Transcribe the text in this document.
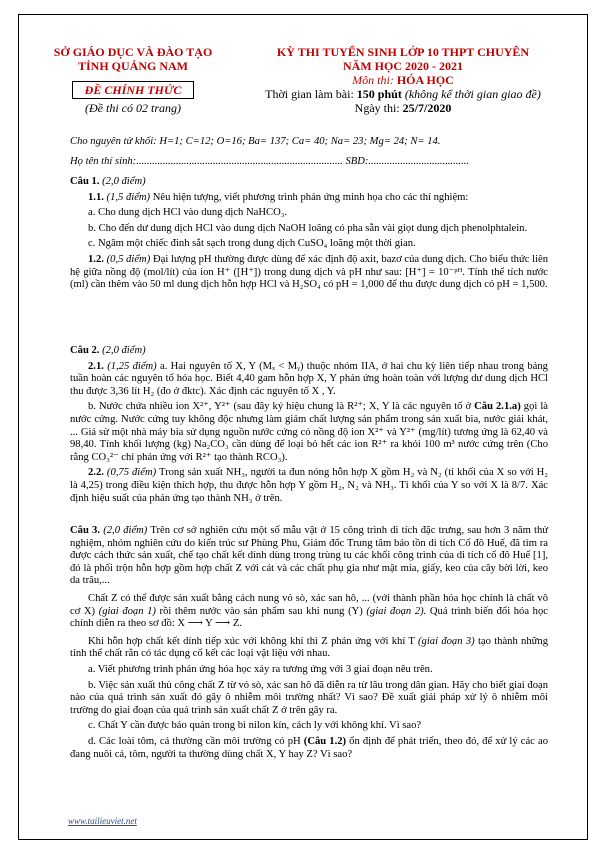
SỞ GIÁO DỤC VÀ ĐÀO TẠO
TỈNH QUẢNG NAM
ĐỀ CHÍNH THỨC
(Đề thi có 02 trang)
KỲ THI TUYỂN SINH LỚP 10 THPT CHUYÊN
NĂM HỌC 2020 - 2021
Môn thi: HÓA HỌC
Thời gian làm bài: 150 phút (không kể thời gian giao đề)
Ngày thi: 25/7/2020
Cho nguyên tử khối: H=1; C=12; O=16; Ba= 137; Ca= 40; Na= 23; Mg= 24; N= 14.
Họ tên thí sinh:.............................................................................. SBD:......................................
Câu 1. (2,0 điểm)
1.1. (1,5 điểm) Nêu hiện tượng, viết phương trình phản ứng minh họa cho các thí nghiệm:
a. Cho dung dịch HCl vào dung dịch NaHCO₃.
b. Cho đến dư dung dịch HCl vào dung dịch NaOH loãng có pha sẵn vài giọt dung dịch phenolphtalein.
c. Ngâm một chiếc đinh sắt sạch trong dung dịch CuSO₄ loãng một thời gian.
1.2. (0,5 điểm) Đại lượng pH thường được dùng để xác định độ axit, bazơ của dung dịch. Cho biểu thức liên hệ giữa nồng độ (mol/lít) của ion H⁺ ([H⁺]) trong dung dịch và pH như sau: [H⁺] = 10⁻ᵖᴴ. Tính thể tích nước (ml) cần thêm vào 50 ml dung dịch hỗn hợp HCl và H₂SO₄ có pH = 1,000 để thu được dung dịch có pH = 1,500.
Câu 2. (2,0 điểm)
2.1. (1,25 điểm) a. Hai nguyên tố X, Y (Mₓ < Mᵧ) thuộc nhóm IIA, ở hai chu kỳ liên tiếp nhau trong bảng tuần hoàn các nguyên tố hóa học. Biết 4,40 gam hỗn hợp X, Y phản ứng hoàn toàn với lượng dư dung dịch HCl thu được 3,36 lít H₂ (đo ở đktc). Xác định các nguyên tố X , Y.
b. Nước chứa nhiều ion X²⁺, Y²⁺ (sau đây ký hiệu chung là R²⁺; X, Y là các nguyên tố ở Câu 2.1.a) gọi là nước cứng. Nước cứng tuy không độc nhưng làm giảm chất lượng sản phẩm trong sản xuất bia, nước giải khát, ... Giả sử một nhà máy bia sử dụng nguồn nước cứng có nồng độ ion X²⁺ và Y²⁺ (mg/lít) tương ứng là 62,40 và 98,40. Tính khối lượng (kg) Na₂CO₃ cần dùng để loại bỏ hết các ion R²⁺ ra khỏi 100 m³ nước cứng trên (Cho rằng CO₃²⁻ chỉ phản ứng với R²⁺ tạo thành RCO₃).
2.2. (0,75 điểm) Trong sản xuất NH₃, người ta đun nóng hỗn hợp X gồm H₂ và N₂ (tỉ khối của X so với H₂ là 4,25) trong điều kiện thích hợp, thu được hỗn hợp Y gồm H₂, N₂ và NH₃. Tỉ khối của Y so với X là 8/7. Xác định hiệu suất của phản ứng tạo thành NH₃ ở trên.
Câu 3. (2,0 điểm) Trên cơ sở nghiên cứu một số mẫu vật ở 15 công trình di tích đặc trưng, sau hơn 3 năm thử nghiệm, nhóm nghiên cứu do kiến trúc sư Phùng Phu, Giám đốc Trung tâm bảo tồn di tích Cố đô Huế, đã tìm ra được cách thức sản xuất, chế tạo chất kết dính dùng trong trùng tu các khối công trình của di tích cố đô Huế [1], đó là phối trộn hỗn hợp gồm hợp chất Z với cát và các chất phụ gia như mật mía, giấy, keo của cây bời lời, keo da trâu,...
Chất Z có thể được sản xuất bằng cách nung vỏ sò, xác san hô, ... (với thành phần hóa học chính là chất vô cơ X) (giai đoạn 1) rồi thêm nước vào sản phẩm sau khi nung (Y) (giai đoạn 2). Quá trình biến đổi hóa học chính diễn ra theo sơ đồ: X ⟶ Y ⟶ Z.
Khi hỗn hợp chất kết dính tiếp xúc với không khí thì Z phản ứng với khí T (giai đoạn 3) tạo thành những tinh thể chất rắn có tác dụng cố kết các loại vật liệu với nhau.
a. Viết phương trình phản ứng hóa học xảy ra tương ứng với 3 giai đoạn nêu trên.
b. Việc sản xuất thủ công chất Z từ vỏ sò, xác san hô đã diễn ra từ lâu trong dân gian. Hãy cho biết giai đoạn nào của quá trình sản xuất đó gây ô nhiễm môi trường nhất? Vì sao? Đề xuất giải pháp xử lý ô nhiễm môi trường do giai đoạn của quá trình sản xuất chất Z ở trên gây ra.
c. Chất Y cần được bảo quản trong bì nilon kín, cách ly với không khí. Vì sao?
d. Các loài tôm, cá thường cần môi trường có pH (Câu 1.2) ổn định để phát triển, theo đó, để xử lý các ao đang nuôi cá, tôm, người ta thường dùng chất X, Y hay Z? Vì sao?
www.tailieuviet.net
